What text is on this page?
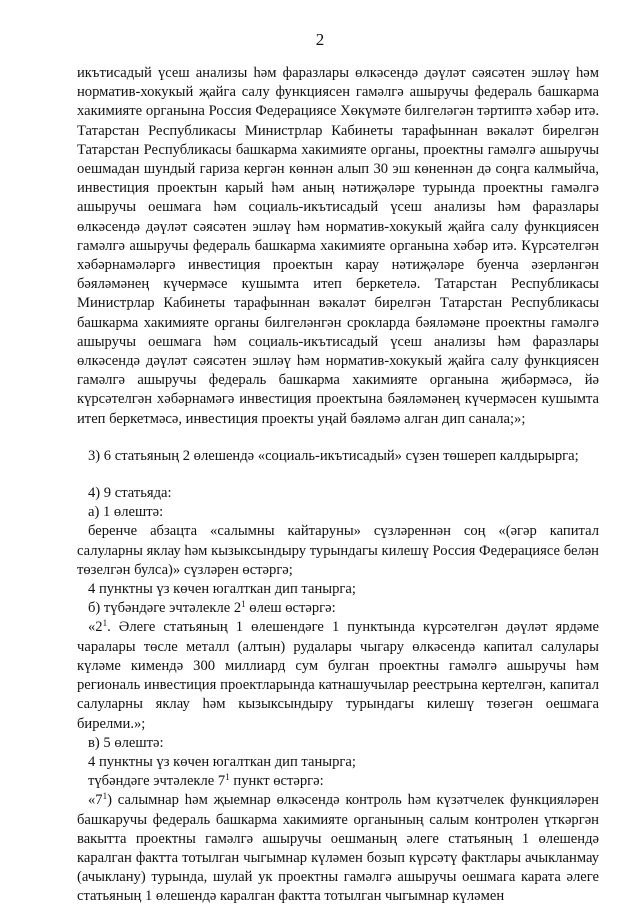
2

икътисадый үсеш анализы һәм фаразлары өлкәсендә дәүләт сәясәтен эшләү һәм норматив-хокукый җайга салу функциясен гамәлгә ашыручы федераль башкарма хакимияте органына Россия Федерациясе Хөкүмәте билгеләгән тәртиптә хәбәр итә. Татарстан Республикасы Министрлар Кабинеты тарафыннан вәкаләт бирелгән Татарстан Республикасы башкарма хакимияте органы, проектны гамәлгә ашыручы оешмадан шундый гариза кергән көннән алып 30 эш көненнән дә соңга калмыйча, инвестиция проектын карый һәм аның нәтиҗәләре турында проектны гамәлгә ашыручы оешмага һәм социаль-икътисадый үсеш анализы һәм фаразлары өлкәсендә дәүләт сәясәтен эшләү һәм норматив-хокукый җайга салу функциясен гамәлгә ашыручы федераль башкарма хакимияте органына хәбәр итә. Күрсәтелгән хәбәрнамәләргә инвестиция проектын карау нәтиҗәләре буенча әзерләнгән бәяләмәнең күчермәсе кушымта итеп беркетелә. Татарстан Республикасы Министрлар Кабинеты тарафыннан вәкаләт бирелгән Татарстан Республикасы башкарма хакимияте органы билгеләнгән срокларда бәяләмәне проектны гамәлгә ашыручы оешмага һәм социаль-икътисадый үсеш анализы һәм фаразлары өлкәсендә дәүләт сәясәтен эшләү һәм норматив-хокукый җайга салу функциясен гамәлгә ашыручы федераль башкарма хакимияте органына җибәрмәсә, йә күрсәтелгән хәбәрнамәгә инвестиция проектына бәяләмәнең күчермәсен кушымта итеп беркетмәсә, инвестиция проекты уңай бәяләмә алган дип санала;»;

3) 6 статьяның 2 өлешендә «социаль-икътисадый» сүзен төшереп калдырырга;

4) 9 статьяда:

а) 1 өлештә:

беренче абзацта «салымны кайтаруны» сүзләреннән соң «(әгәр капитал салуларны яклау һәм кызыксындыру турындагы килешү Россия Федерациясе белән төзелгән булса)» сүзләрен өстәргә;

4 пунктны үз көчен югалткан дип танырга;

б) түбәндәге эчтәлекле $2^1$ өлеш өстәргә:

«$2^1$. Әлеге статьяның 1 өлешендәге 1 пунктында күрсәтелгән дәүләт ярдәме чаралары төсле металл (алтын) рудалары чыгару өлкәсендә капитал салулары күләме кимендә 300 миллиард сум булган проектны гамәлгә ашыручы һәм региональ инвестиция проектларында катнашучылар реестрына кертелгән, капитал салуларны яклау һәм кызыксындыру турындагы килешү төзегән оешмага бирелми.»;

в) 5 өлештә:

4 пунктны үз көчен югалткан дип танырга;

түбәндәге эчтәлекле $7^1$ пункт өстәргә:

«$7^1$) салымнар һәм җыемнар өлкәсендә контроль һәм күзәтчелек функцияләрен башкаручы федераль башкарма хакимияте органының салым контролен үткәргән вакытта проектны гамәлгә ашыручы оешманың әлеге статьяның 1 өлешендә каралган фактта тотылган чыгымнар күләмен бозып күрсәтү фактлары ачыкланмау (ачыклану) турында, шулай ук проектны гамәлгә ашыручы оешмага карата әлеге статьяның 1 өлешендә каралган фактта тотылган чыгымнар күләмен
